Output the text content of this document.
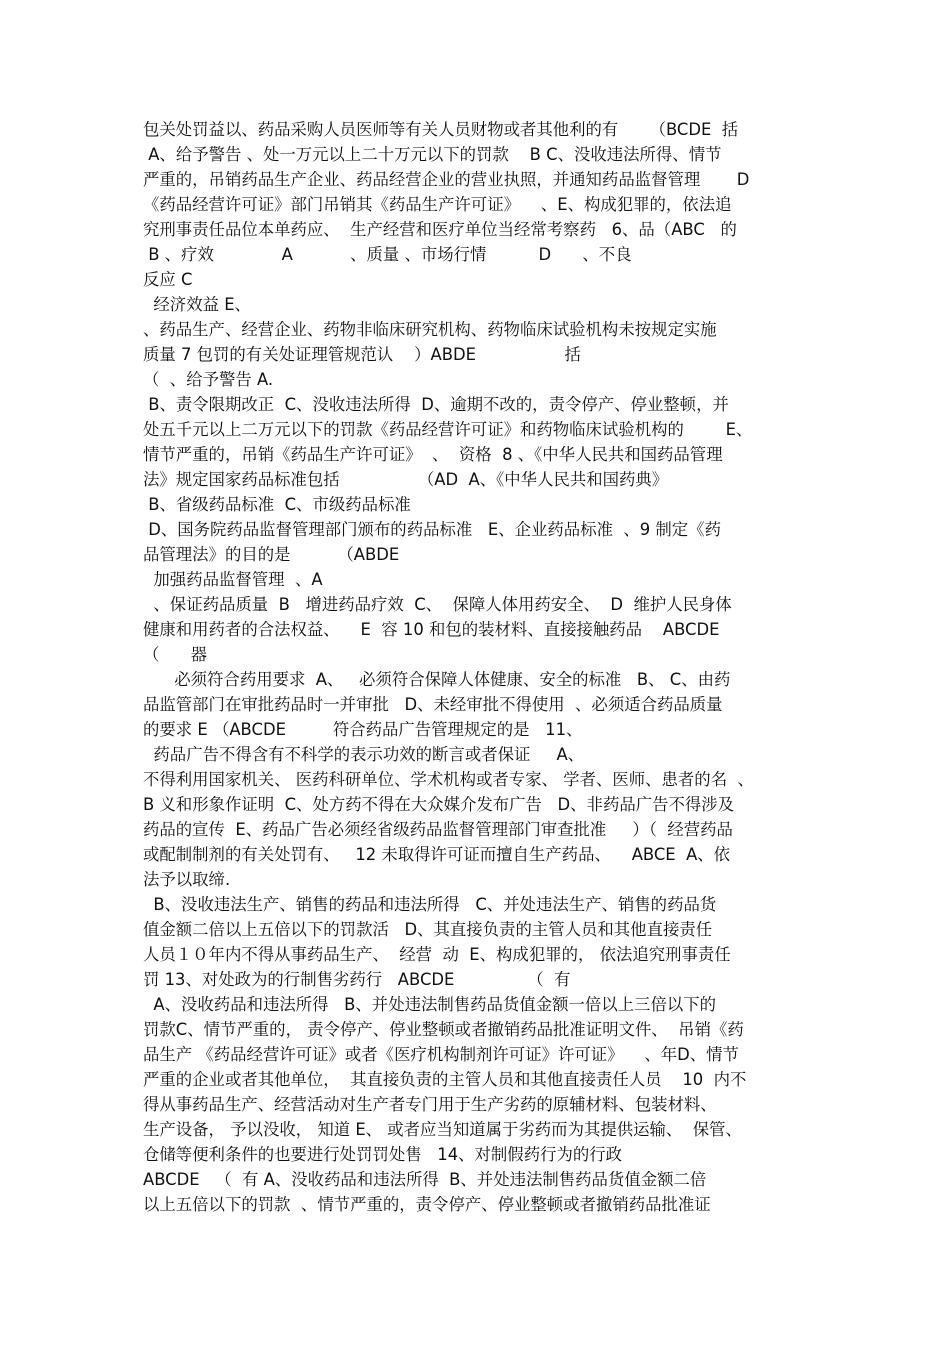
包关处罚益以、药品采购人员医师等有关人员财物或者其他利的有      （BCDE  括
A、给予警告 、处一万元以上二十万元以下的罚款    B C、没收违法所得、情节
严重的，吊销药品生产企业、药品经营企业的营业执照，并通知药品监督管理       D
《药品经营许可证》部门吊销其《药品生产许可证》    、E、构成犯罪的，依法追
究刑事责任品位本单药应、  生产经营和医疗单位当经常考察药   6、品（ABC   的
B 、疗效             A           、质量 、市场行情          D      、不良
反应 C
经济效益 E、
、药品生产、经营企业、药物非临床研究机构、药物临床试验机构未按规定实施
质量 7 包罚的有关处证理管规范认    ）ABDE                 括
（  、给予警告 A.
B、责令限期改正  C、没收违法所得  D、逾期不改的，责令停产、停业整顿，并
处五千元以上二万元以下的罚款《药品经营许可证》和药物临床试验机构的        E、
情节严重的，吊销《药品生产许可证》  、  资格  8 、《中华人民共和国药品管理
法》规定国家药品标准包括               （AD  A、《中华人民共和国药典》
B、省级药品标准  C、市级药品标准
D、国务院药品监督管理部门颁布的药品标准   E、企业药品标准  、9 制定《药
品管理法》的目的是         （ABDE
加强药品监督管理  、A
、保证药品质量  B   增进药品疗效  C、  保障人体用药安全、  D  维护人民身体
健康和用药者的合法权益、    E  容 10 和包的装材料、直接接触药品    ABCDE
（      器
必须符合药用要求  A、   必须符合保障人体健康、安全的标准   B、 C、由药
品监管部门在审批药品时一并审批   D、未经审批不得使用  、必须适合药品质量
的要求 E （ABCDE         符合药品广告管理规定的是   11、
药品广告不得含有不科学的表示功效的断言或者保证     A、
不得利用国家机关、 医药科研单位、学术机构或者专家、 学者、医师、患者的名  、
B 义和形象作证明  C、处方药不得在大众媒介发布广告   D、非药品广告不得涉及
药品的宣传  E、药品广告必须经省级药品监督管理部门审查批准     ）（  经营药品
或配制制剂的有关处罚有、   12 未取得许可证而擅自生产药品、    ABCE  A、依
法予以取缔.
B、没收违法生产、销售的药品和违法所得   C、并处违法生产、销售的药品货
值金额二倍以上五倍以下的罚款活   D、其直接负责的主管人员和其他直接责任
人员１０年内不得从事药品生产、  经营  动  E、构成犯罪的， 依法追究刑事责任
罚 13、对处政为的行制售劣药行   ABCDE              （  有
A、没收药品和违法所得   B、并处违法制售药品货值金额一倍以上三倍以下的
罚款C、情节严重的， 责令停产、停业整顿或者撤销药品批准证明文件、  吊销《药
品生产 《药品经营许可证》或者《医疗机构制剂许可证》许可证》    、年D、情节
严重的企业或者其他单位，  其直接负责的主管人员和其他直接责任人员    10  内不
得从事药品生产、经营活动对生产者专门用于生产劣药的原辅材料、包装材料、
生产设备， 予以没收， 知道 E、 或者应当知道属于劣药而为其提供运输、  保管、
仓储等便利条件的也要进行处罚罚处售   14、对制假药行为的行政
ABCDE   （  有 A、没收药品和违法所得  B、并处违法制售药品货值金额二倍
以上五倍以下的罚款  、情节严重的，责令停产、停业整顿或者撤销药品批准证
